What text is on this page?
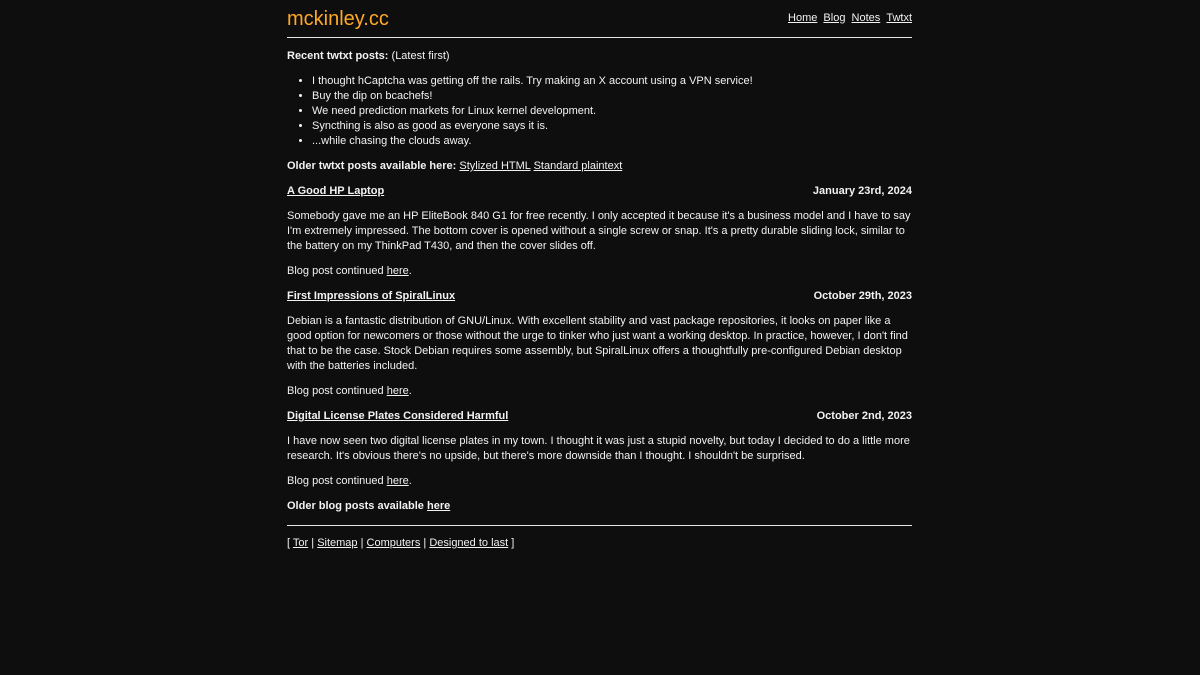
mckinley.cc	Home Blog Notes Twtxt

Recent twtxt posts: (Latest first)

• I thought hCaptcha was getting off the rails. Try making an X account using a VPN service!
• Buy the dip on bcachefs!
• We need prediction markets for Linux kernel development.
• Syncthing is also as good as everyone says it is.
• ...while chasing the clouds away.

Older twtxt posts available here: Stylized HTML Standard plaintext

A Good HP Laptop	January 23rd, 2024

Somebody gave me an HP EliteBook 840 G1 for free recently. I only accepted it because it's a business model and I have to say I'm extremely impressed. The bottom cover is opened without a single screw or snap. It's a pretty durable sliding lock, similar to the battery on my ThinkPad T430, and then the cover slides off.

Blog post continued here.

First Impressions of SpiralLinux	October 29th, 2023

Debian is a fantastic distribution of GNU/Linux. With excellent stability and vast package repositories, it looks on paper like a good option for newcomers or those without the urge to tinker who just want a working desktop. In practice, however, I don't find that to be the case. Stock Debian requires some assembly, but SpiralLinux offers a thoughtfully pre-configured Debian desktop with the batteries included.

Blog post continued here.

Digital License Plates Considered Harmful	October 2nd, 2023

I have now seen two digital license plates in my town. I thought it was just a stupid novelty, but today I decided to do a little more research. It's obvious there's no upside, but there's more downside than I thought. I shouldn't be surprised.

Blog post continued here.

Older blog posts available here

[ Tor | Sitemap | Computers | Designed to last ]
